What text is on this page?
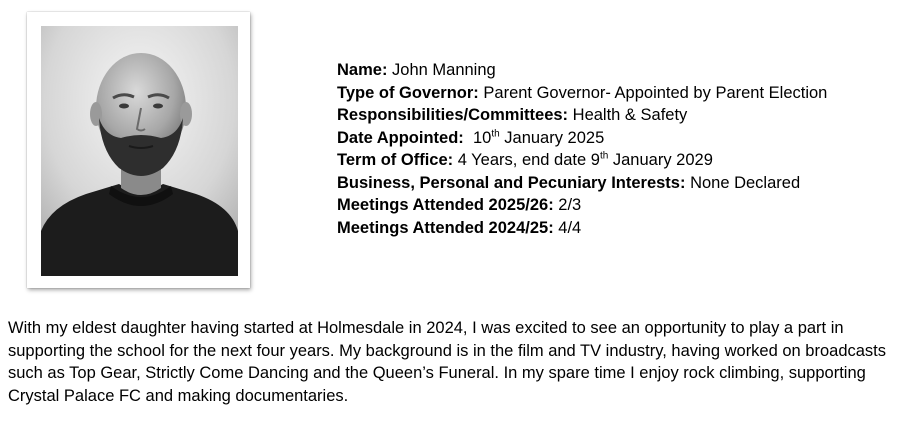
Name: John Manning
Type of Governor: Parent Governor- Appointed by Parent Election
Responsibilities/Committees: Health & Safety
Date Appointed: 10th January 2025
Term of Office: 4 Years, end date 9th January 2029
Business, Personal and Pecuniary Interests: None Declared
Meetings Attended 2025/26: 2/3
Meetings Attended 2024/25: 4/4

With my eldest daughter having started at Holmesdale in 2024, I was excited to see an opportunity to play a part in supporting the school for the next four years. My background is in the film and TV industry, having worked on broadcasts such as Top Gear, Strictly Come Dancing and the Queen’s Funeral. In my spare time I enjoy rock climbing, supporting Crystal Palace FC and making documentaries.
